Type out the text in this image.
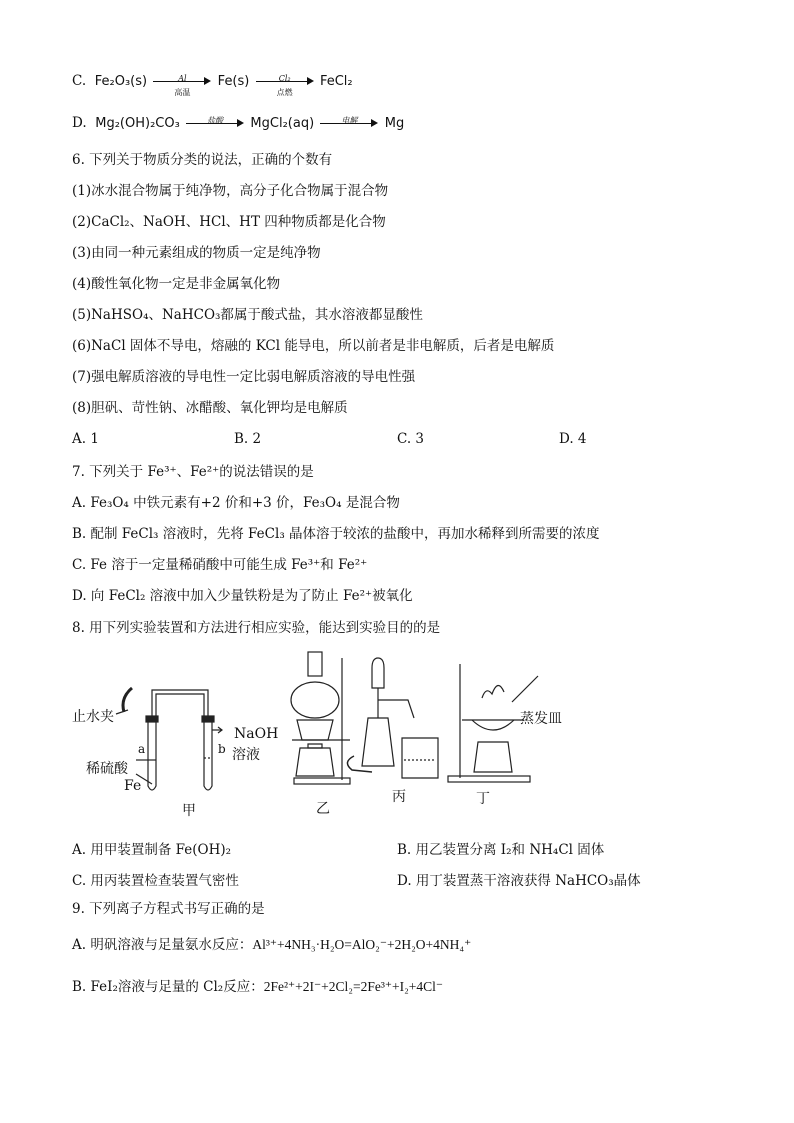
C. Fe₂O₃(s)	Al
高温
Fe(s)	Cl₂
点燃
FeCl₂
D. Mg₂(OH)₂CO₃	盐酸	MgCl₂(aq)	电解	Mg
6. 下列关于物质分类的说法，正确的个数有
(1)冰水混合物属于纯净物，高分子化合物属于混合物
(2)CaCl₂、NaOH、HCl、HT 四种物质都是化合物
(3)由同一种元素组成的物质一定是纯净物
(4)酸性氧化物一定是非金属氧化物
(5)NaHSO₄、NaHCO₃都属于酸式盐，其水溶液都显酸性
(6)NaCl 固体不导电，熔融的 KCl 能导电，所以前者是非电解质，后者是电解质
(7)强电解质溶液的导电性一定比弱电解质溶液的导电性强
(8)胆矾、苛性钠、冰醋酸、氧化钾均是电解质
A. 1	B. 2	C. 3	D. 4
7. 下列关于 Fe³⁺、Fe²⁺的说法错误的是
A. Fe₃O₄ 中铁元素有+2 价和+3 价，Fe₃O₄ 是混合物
B. 配制 FeCl₃ 溶液时，先将 FeCl₃ 晶体溶于较浓的盐酸中，再加水稀释到所需要的浓度
C. Fe 溶于一定量稀硝酸中可能生成 Fe³⁺和 Fe²⁺
D. 向 FeCl₂ 溶液中加入少量铁粉是为了防止 Fe²⁺被氧化
8. 用下列实验装置和方法进行相应实验，能达到实验目的的是
止水夹
a	b
稀硫酸
Fe
NaOH
溶液
甲	乙
丙	丁
蒸发皿
A. 用甲装置制备 Fe(OH)₂	B. 用乙装置分离 I₂和 NH₄Cl 固体
C. 用丙装置检查装置气密性	D. 用丁装置蒸干溶液获得 NaHCO₃晶体
9. 下列离子方程式书写正确的是
A. 明矾溶液与足量氨水反应：Al³⁺+4NH₃·H₂O=AlO₂⁻+2H₂O+4NH₄⁺
B. FeI₂溶液与足量的 Cl₂反应：2Fe²⁺+2I⁻+2Cl₂=2Fe³⁺+I₂+4Cl⁻
